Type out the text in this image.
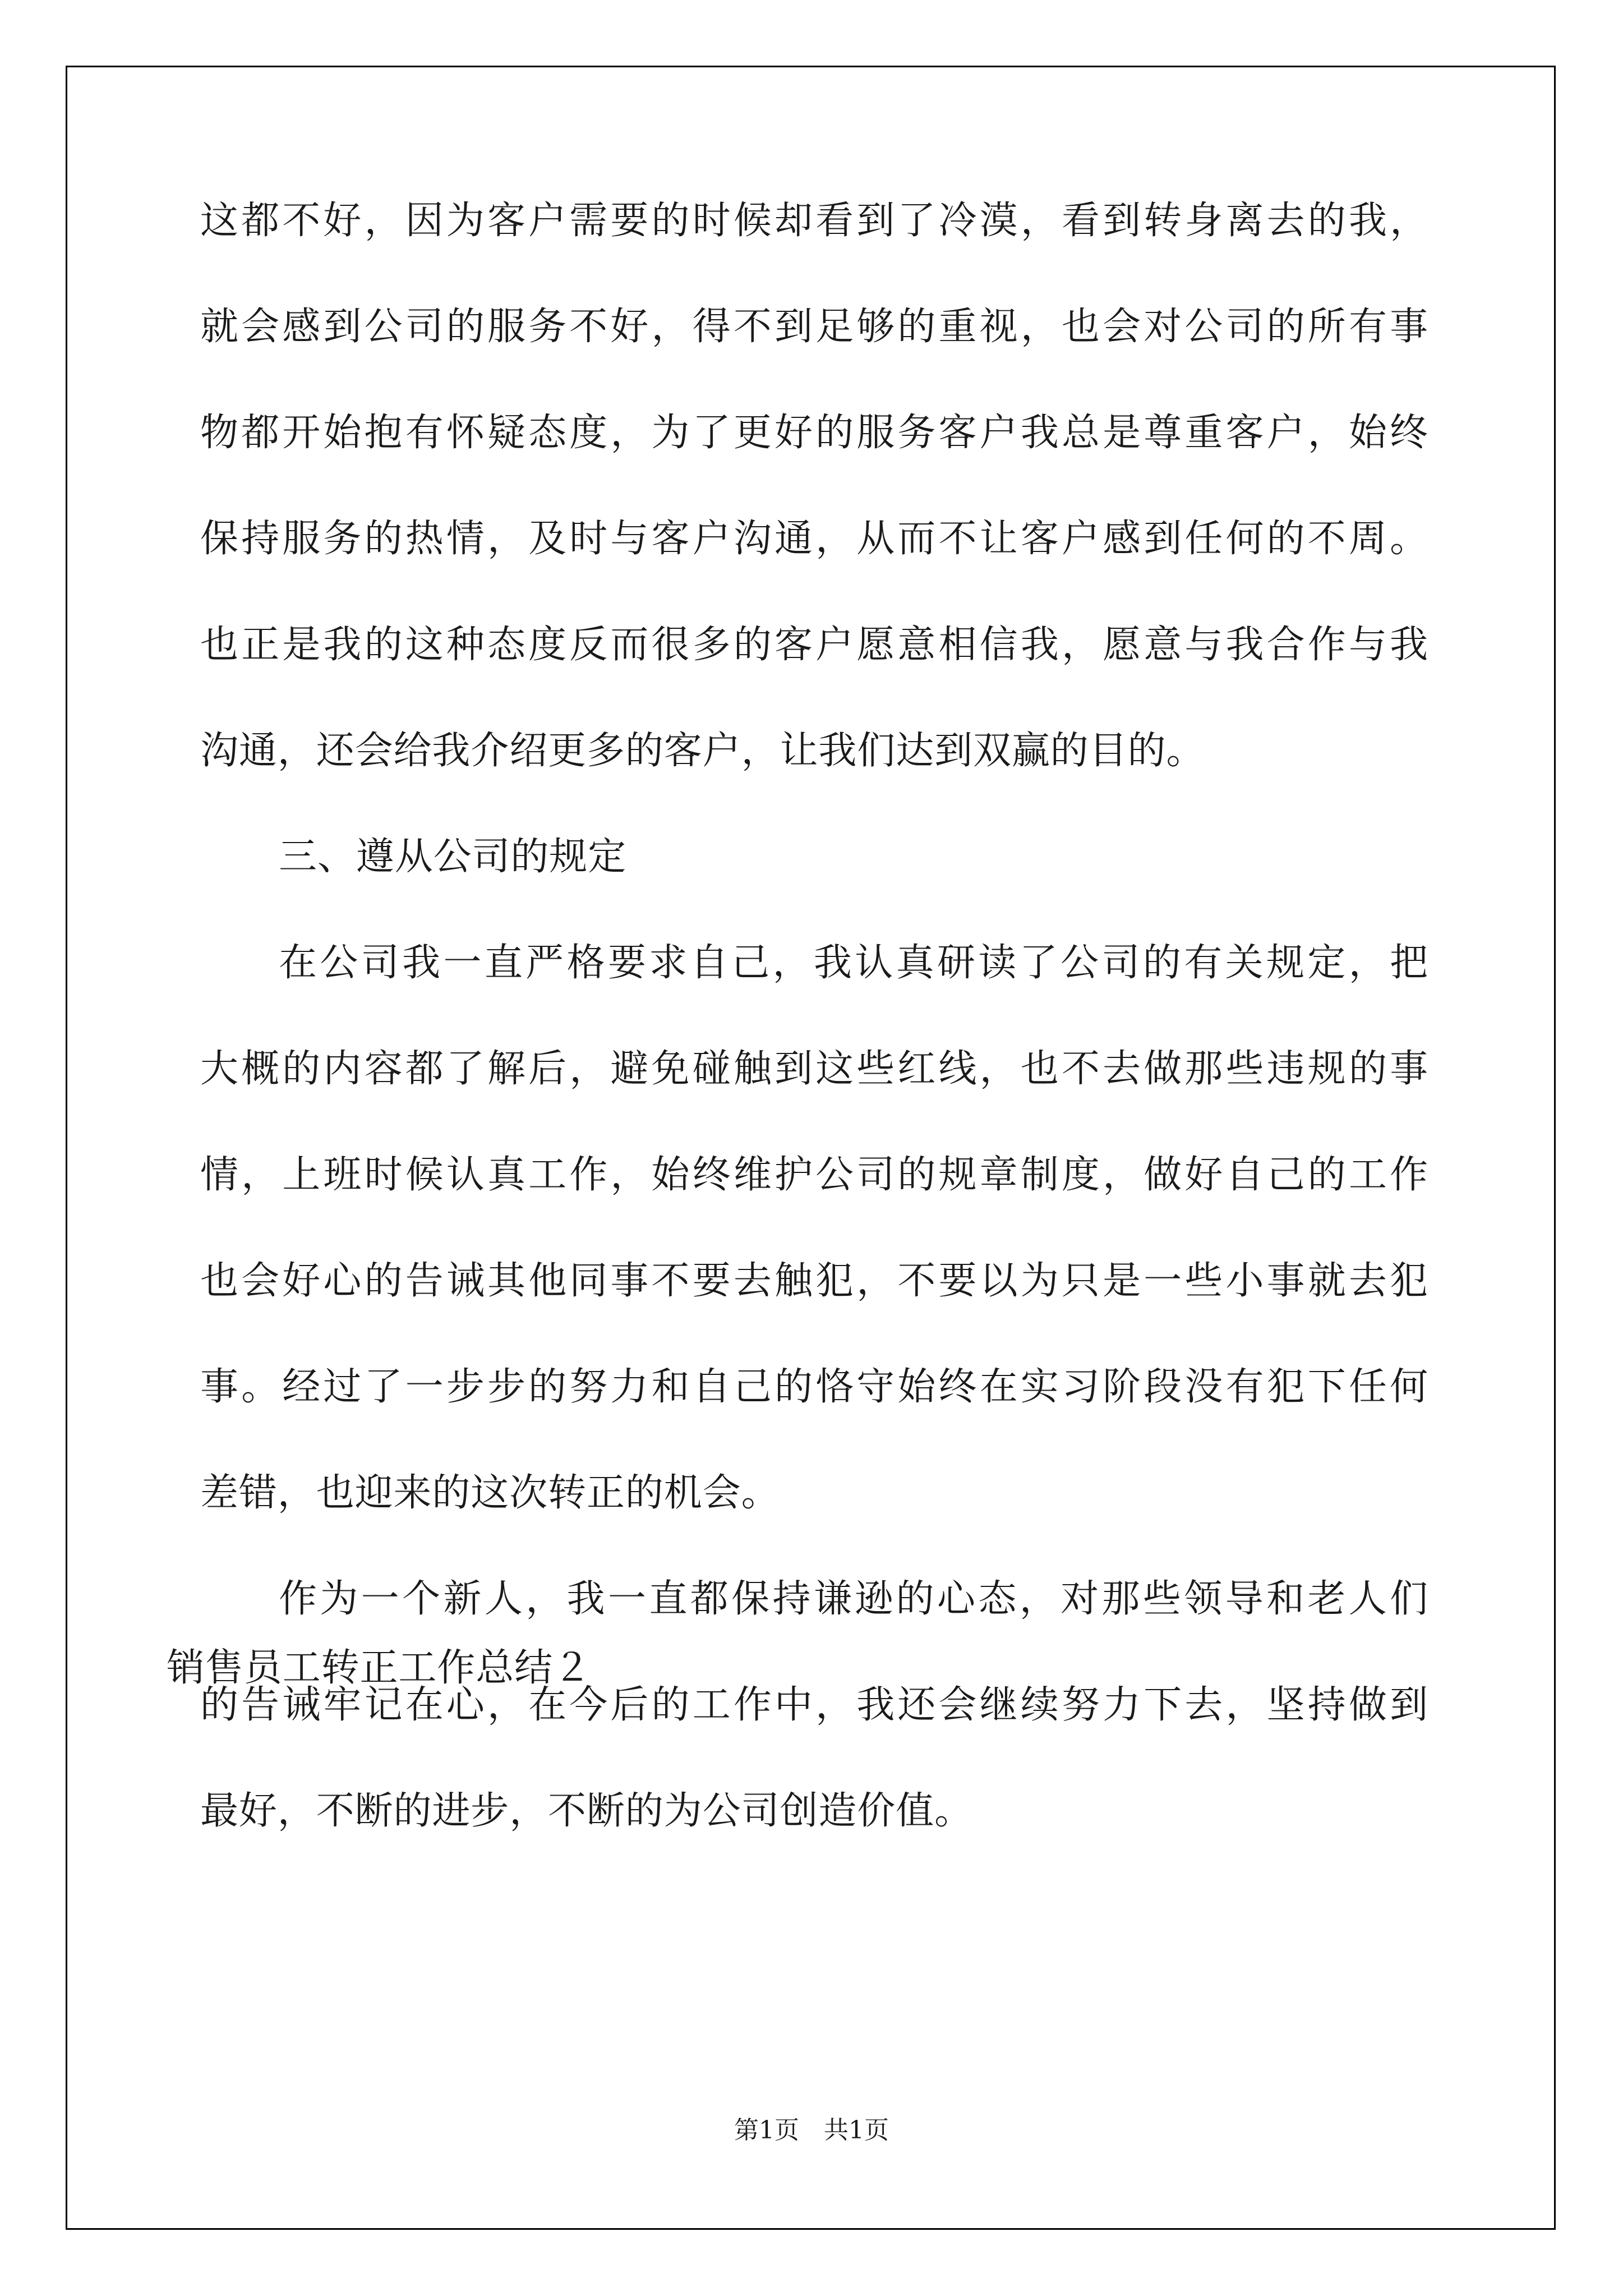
这都不好，因为客户需要的时候却看到了冷漠，看到转身离去的我，

就会感到公司的服务不好，得不到足够的重视，也会对公司的所有事

物都开始抱有怀疑态度，为了更好的服务客户我总是尊重客户，始终

保持服务的热情，及时与客户沟通，从而不让客户感到任何的不周。

也正是我的这种态度反而很多的客户愿意相信我，愿意与我合作与我

沟通，还会给我介绍更多的客户，让我们达到双赢的目的。

三、遵从公司的规定

在公司我一直严格要求自己，我认真研读了公司的有关规定，把

大概的内容都了解后，避免碰触到这些红线，也不去做那些违规的事

情，上班时候认真工作，始终维护公司的规章制度，做好自己的工作

也会好心的告诫其他同事不要去触犯，不要以为只是一些小事就去犯

事。经过了一步步的努力和自己的恪守始终在实习阶段没有犯下任何

差错，也迎来的这次转正的机会。

作为一个新人，我一直都保持谦逊的心态，对那些领导和老人们

的告诫牢记在心，在今后的工作中，我还会继续努力下去，坚持做到

最好，不断的进步，不断的为公司创造价值。

销售员工转正工作总结２
第1页　共1页
